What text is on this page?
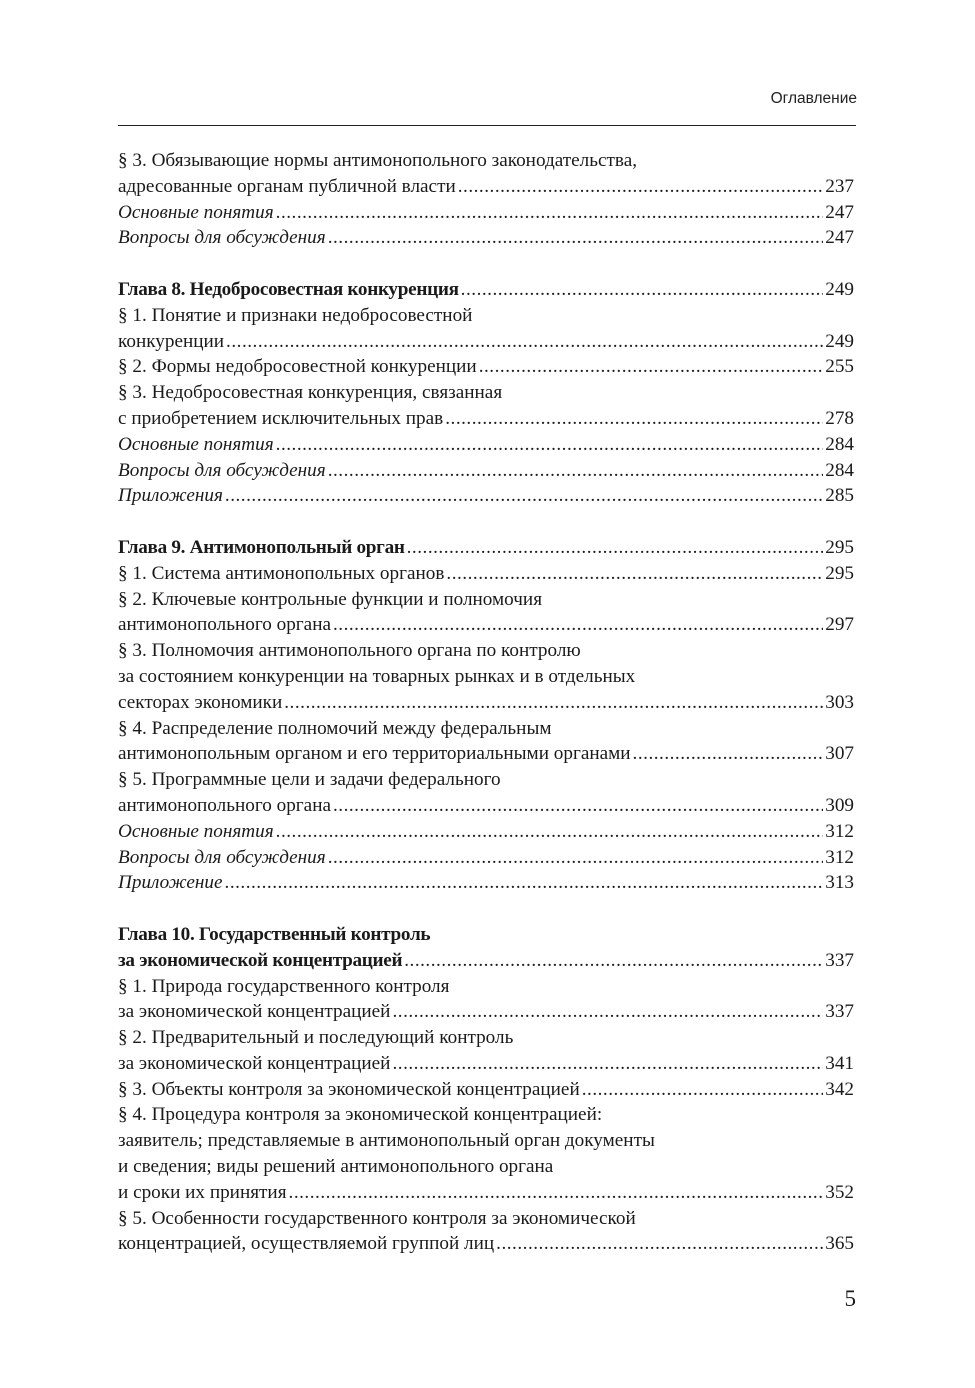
Оглавление
§ 3. Обязывающие нормы антимонопольного законодательства,
адресованные органам публичной власти .....	237
Основные понятия .....	247
Вопросы для обсуждения .....	247
Глава 8. Недобросовестная конкуренция .....	249
§ 1. Понятие и признаки недобросовестной
конкуренции .....	249
§ 2. Формы недобросовестной конкуренции .....	255
§ 3. Недобросовестная конкуренция, связанная
с приобретением исключительных прав .....	278
Основные понятия .....	284
Вопросы для обсуждения .....	284
Приложения .....	285
Глава 9. Антимонопольный орган .....	295
§ 1. Система антимонопольных органов .....	295
§ 2. Ключевые контрольные функции и полномочия
антимонопольного органа .....	297
§ 3. Полномочия антимонопольного органа по контролю
за состоянием конкуренции на товарных рынках и в отдельных
секторах экономики .....	303
§ 4. Распределение полномочий между федеральным
антимонопольным органом и его территориальными органами .....	307
§ 5. Программные цели и задачи федерального
антимонопольного органа .....	309
Основные понятия .....	312
Вопросы для обсуждения .....	312
Приложение .....	313
Глава 10. Государственный контроль
за экономической концентрацией .....	337
§ 1. Природа государственного контроля
за экономической концентрацией .....	337
§ 2. Предварительный и последующий контроль
за экономической концентрацией .....	341
§ 3. Объекты контроля за экономической концентрацией .....	342
§ 4. Процедура контроля за экономической концентрацией:
заявитель; представляемые в антимонопольный орган документы
и сведения; виды решений антимонопольного органа
и сроки их принятия .....	352
§ 5. Особенности государственного контроля за экономической
концентрацией, осуществляемой группой лиц .....	365
5
